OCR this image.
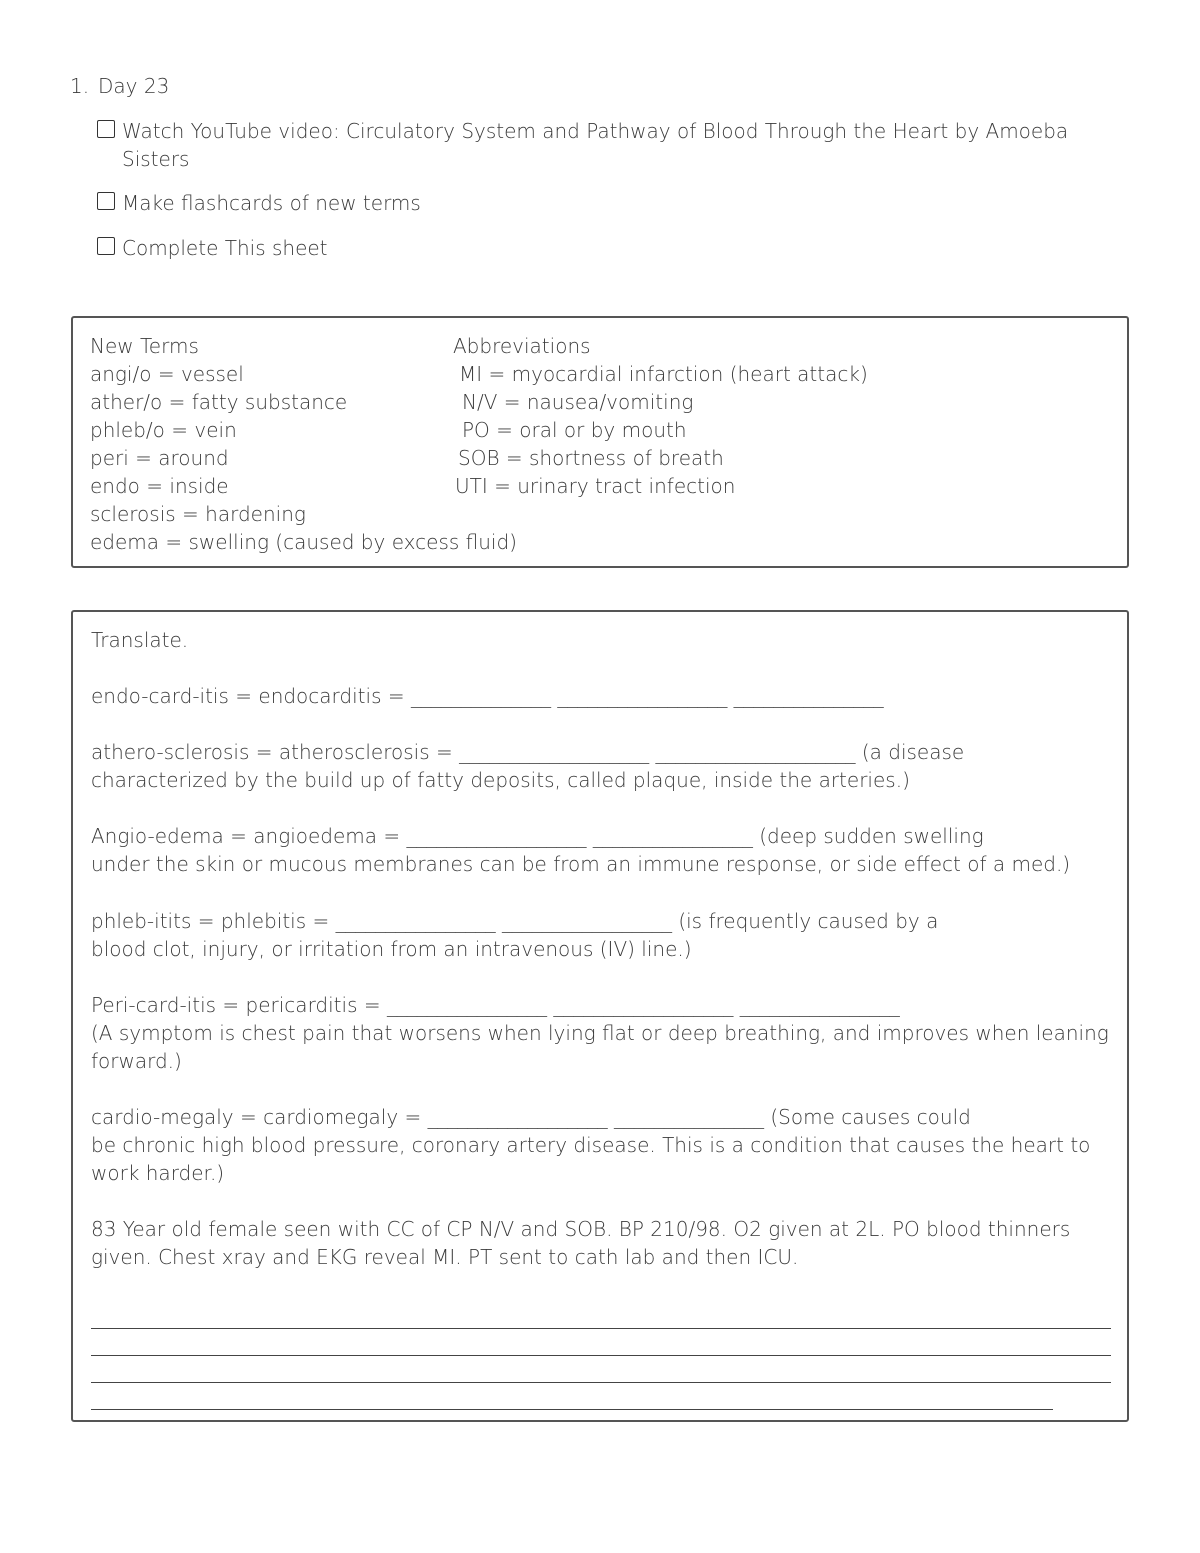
1. Day 23
Watch YouTube video: Circulatory System and Pathway of Blood Through the Heart by Amoeba
Sisters
Make flashcards of new terms
Complete This sheet
New Terms
angi/o = vessel
ather/o = fatty substance
phleb/o = vein
peri = around
endo = inside
sclerosis = hardening
edema = swelling (caused by excess fluid)
Abbreviations
MI = myocardial infarction (heart attack)
N/V = nausea/vomiting
PO = oral or by mouth
SOB = shortness of breath
UTI = urinary tract infection
Translate.
endo-card-itis = endocarditis = ______________ _________________ _______________
athero-sclerosis = atherosclerosis = ___________________ ____________________ (a disease
characterized by the build up of fatty deposits, called plaque, inside the arteries.)
Angio-edema = angioedema = __________________ ________________ (deep sudden swelling
under the skin or mucous membranes can be from an immune response, or side effect of a med.)
phleb-itits = phlebitis = ________________ _________________ (is frequently caused by a
blood clot, injury, or irritation from an intravenous (IV) line.)
Peri-card-itis = pericarditis = ________________ __________________ ________________
(A symptom is chest pain that worsens when lying flat or deep breathing, and improves when leaning
forward.)
cardio-megaly = cardiomegaly = __________________ _______________ (Some causes could
be chronic high blood pressure, coronary artery disease. This is a condition that causes the heart to
work harder.)
83 Year old female seen with CC of CP N/V and SOB. BP 210/98. O2 given at 2L. PO blood thinners
given. Chest xray and EKG reveal MI. PT sent to cath lab and then ICU.
